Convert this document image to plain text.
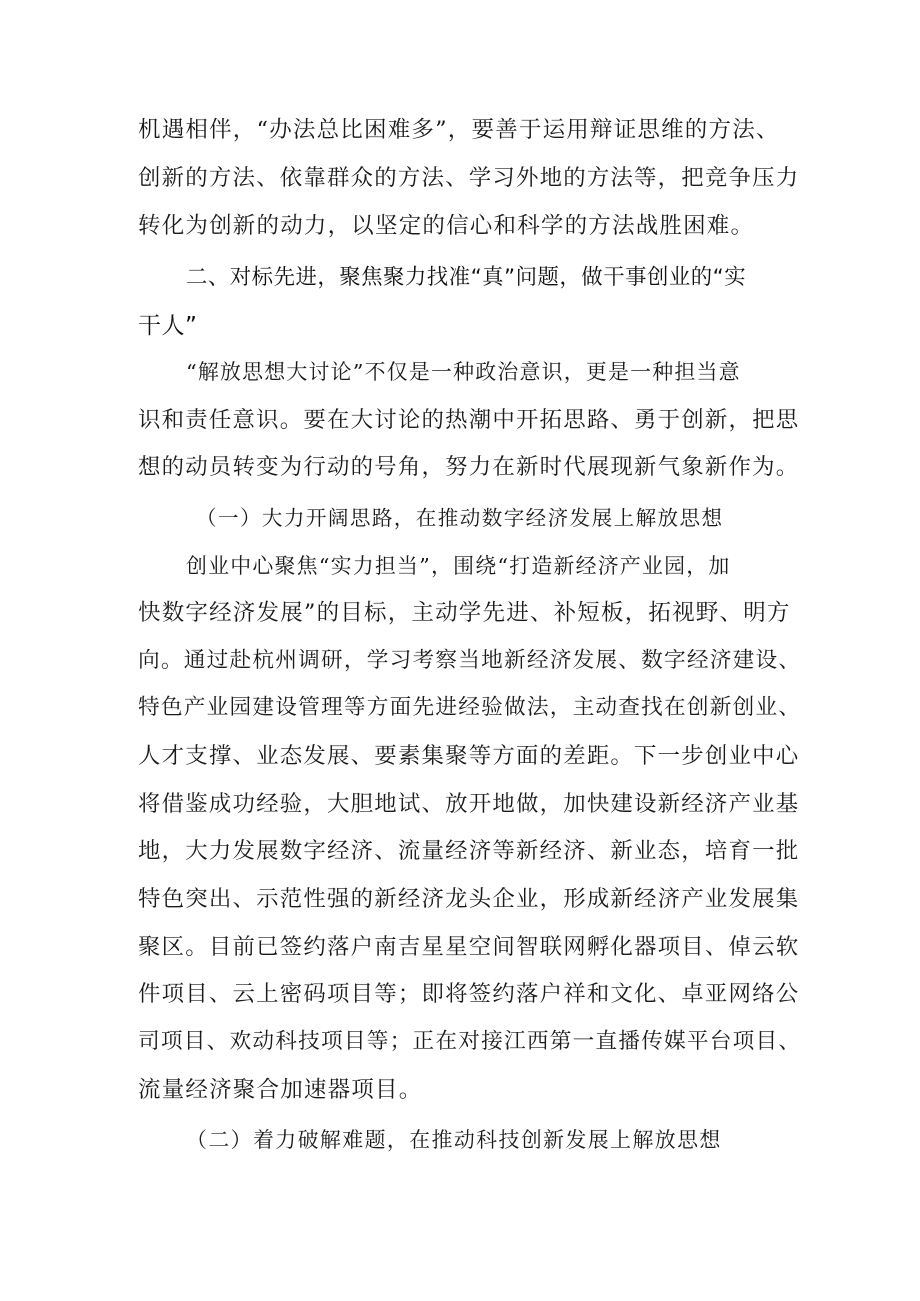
机遇相伴，“办法总比困难多”，要善于运用辩证思维的方法、
创新的方法、依靠群众的方法、学习外地的方法等，把竞争压力
转化为创新的动力，以坚定的信心和科学的方法战胜困难。
二、对标先进，聚焦聚力找准“真”问题，做干事创业的“实
干人”
“解放思想大讨论”不仅是一种政治意识，更是一种担当意
识和责任意识。要在大讨论的热潮中开拓思路、勇于创新，把思
想的动员转变为行动的号角，努力在新时代展现新气象新作为。
（一）大力开阔思路，在推动数字经济发展上解放思想
创业中心聚焦“实力担当”，围绕“打造新经济产业园，加
快数字经济发展”的目标，主动学先进、补短板，拓视野、明方
向。通过赴杭州调研，学习考察当地新经济发展、数字经济建设、
特色产业园建设管理等方面先进经验做法，主动查找在创新创业、
人才支撑、业态发展、要素集聚等方面的差距。下一步创业中心
将借鉴成功经验，大胆地试、放开地做，加快建设新经济产业基
地，大力发展数字经济、流量经济等新经济、新业态，培育一批
特色突出、示范性强的新经济龙头企业，形成新经济产业发展集
聚区。目前已签约落户南吉星星空间智联网孵化器项目、倬云软
件项目、云上密码项目等；即将签约落户祥和文化、卓亚网络公
司项目、欢动科技项目等；正在对接江西第一直播传媒平台项目、
流量经济聚合加速器项目。
（二）着力破解难题，在推动科技创新发展上解放思想
